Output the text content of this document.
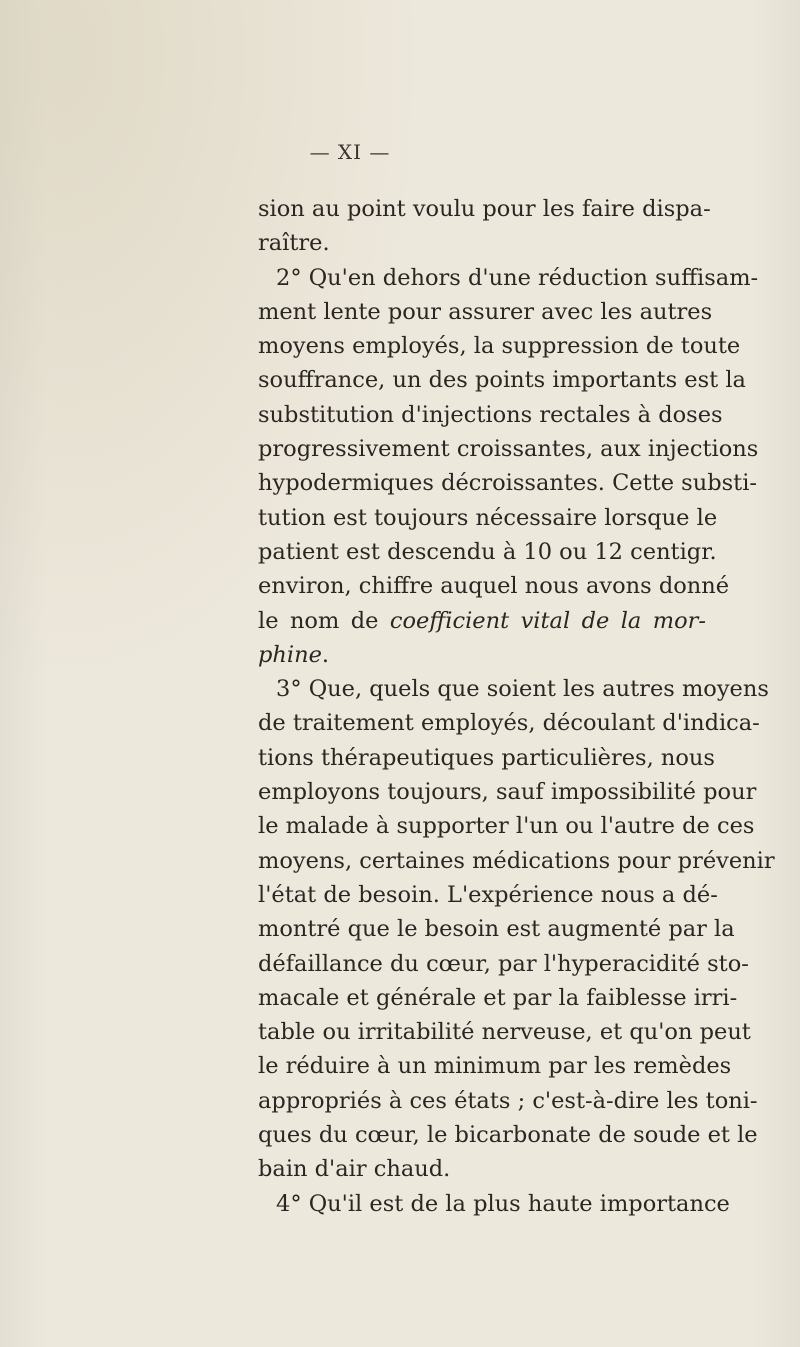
— XI —
sion au point voulu pour les faire dispa-
raître.
2° Qu'en dehors d'une réduction suffisam-
ment lente pour assurer avec les autres
moyens employés, la suppression de toute
souffrance, un des points importants est la
substitution d'injections rectales à doses
progressivement croissantes, aux injections
hypodermiques décroissantes. Cette substi-
tution est toujours nécessaire lorsque le
patient est descendu à 10 ou 12 centigr.
environ, chiffre auquel nous avons donné
le nom de coefficient vital de la mor-
phine.
3° Que, quels que soient les autres moyens
de traitement employés, découlant d'indica-
tions thérapeutiques particulières, nous
employons toujours, sauf impossibilité pour
le malade à supporter l'un ou l'autre de ces
moyens, certaines médications pour prévenir
l'état de besoin. L'expérience nous a dé-
montré que le besoin est augmenté par la
défaillance du cœur, par l'hyperacidité sto-
macale et générale et par la faiblesse irri-
table ou irritabilité nerveuse, et qu'on peut
le réduire à un minimum par les remèdes
appropriés à ces états ; c'est-à-dire les toni-
ques du cœur, le bicarbonate de soude et le
bain d'air chaud.
4° Qu'il est de la plus haute importance
